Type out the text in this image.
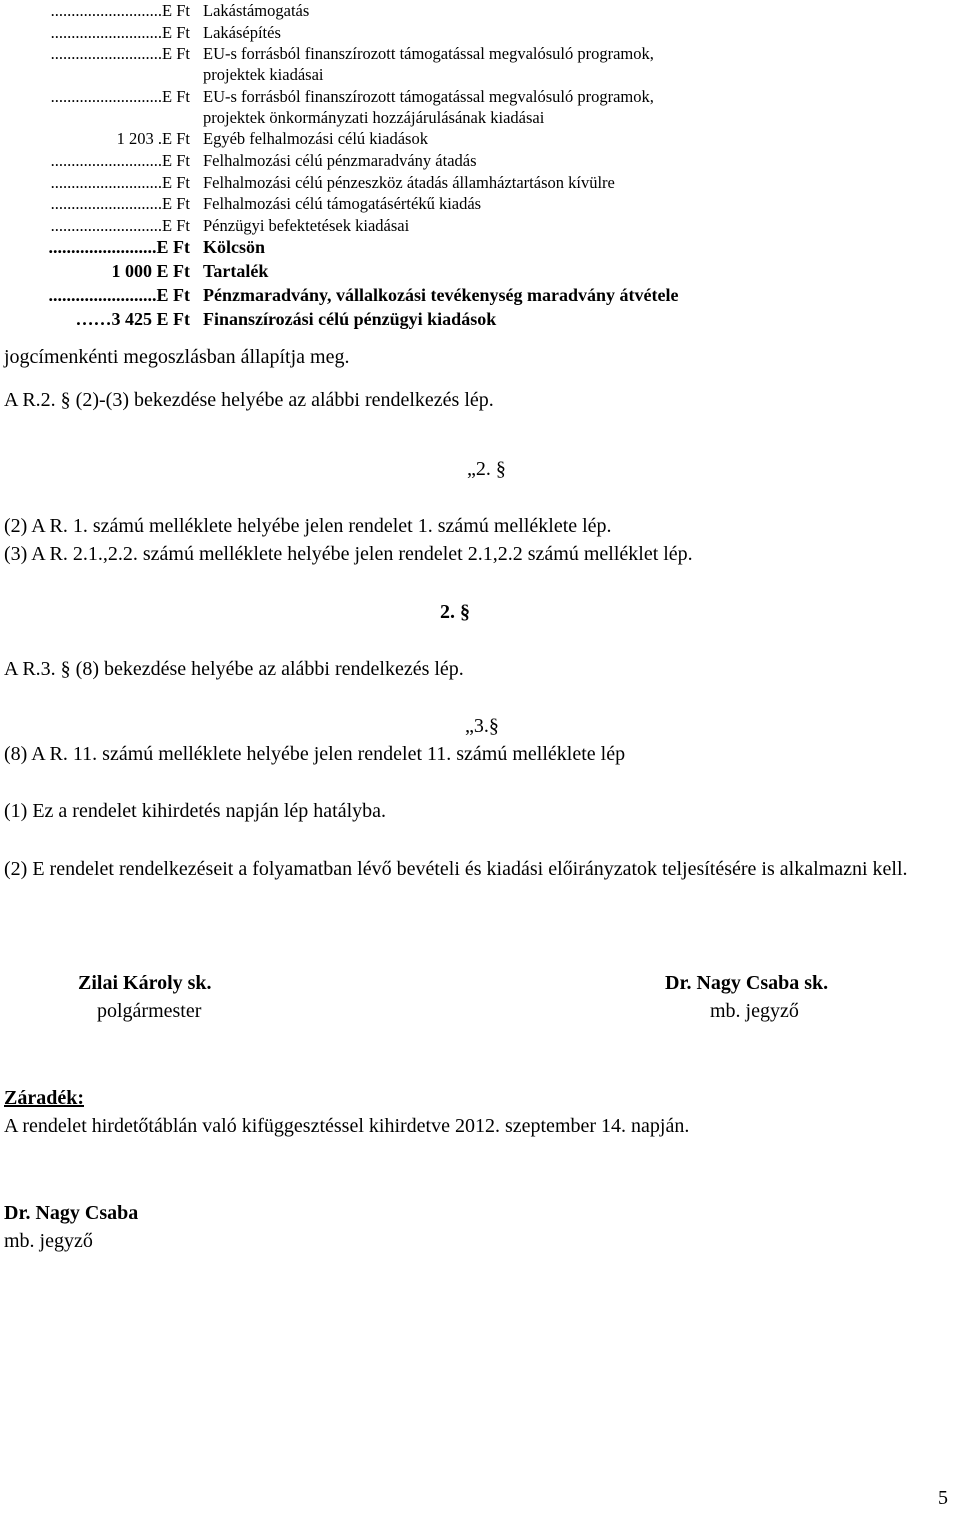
...........................E Ft Lakástámogatás
...........................E Ft Lakásépítés
...........................E Ft EU-s forrásból finanszírozott támogatással megvalósuló programok,
projektek kiadásai
...........................E Ft EU-s forrásból finanszírozott támogatással megvalósuló programok,
projektek önkormányzati hozzájárulásának kiadásai
1 203 .E Ft Egyéb felhalmozási célú kiadások
...........................E Ft Felhalmozási célú pénzmaradvány átadás
...........................E Ft Felhalmozási célú pénzeszköz átadás államháztartáson kívülre
...........................E Ft Felhalmozási célú támogatásértékű kiadás
...........................E Ft Pénzügyi befektetések kiadásai
........................E Ft Kölcsön
1 000 E Ft Tartalék
........................E Ft Pénzmaradvány, vállalkozási tevékenység maradvány átvétele
……3 425 E Ft Finanszírozási célú pénzügyi kiadások
jogcímenkénti megoszlásban állapítja meg.
A R.2. § (2)-(3) bekezdése helyébe az alábbi rendelkezés lép.
„2. §
(2) A R. 1. számú melléklete helyébe jelen rendelet 1. számú melléklete lép.
(3) A R. 2.1.,2.2. számú melléklete helyébe jelen rendelet 2.1,2.2 számú melléklet lép.
2. §
A R.3. § (8) bekezdése helyébe az alábbi rendelkezés lép.
„3.§
(8) A R. 11. számú melléklete helyébe jelen rendelet 11. számú melléklete lép
(1) Ez a rendelet kihirdetés napján lép hatályba.
(2) E rendelet rendelkezéseit a folyamatban lévő bevételi és kiadási előirányzatok teljesítésére is alkalmazni kell.
Zilai Károly sk.
polgármester
Dr. Nagy Csaba sk.
mb. jegyző
Záradék:
A rendelet hirdetőtáblán való kifüggesztéssel kihirdetve 2012. szeptember 14. napján.
Dr. Nagy Csaba
mb. jegyző
5
